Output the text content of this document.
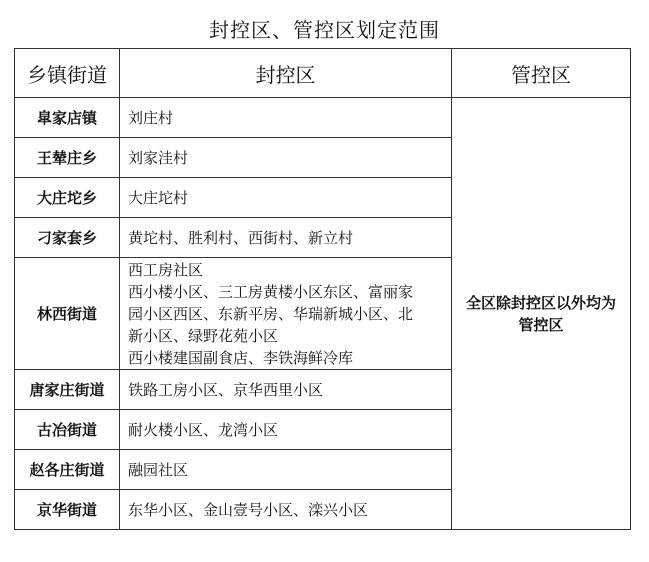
封控区、管控区划定范围
乡镇街道	封控区	管控区
皐家店镇	刘庄村	全区除封控区以外均为管控区
王辇庄乡	刘家洼村	

大庄坨乡	大庄坨村	

刁家套乡	黄坨村、胜利村、西街村、新立村	

林西街道	西工房社区
西小楼小区、三工房黄楼小区东区、富丽家
园小区西区、东新平房、华瑞新城小区、北
新小区、绿野花苑小区
西小楼建国副食店、李铁海鲜冷库	

唐家庄街道	铁路工房小区、京华西里小区	

古冶街道	耐火楼小区、龙湾小区	

赵各庄街道	融园社区	

京华街道	东华小区、金山壹号小区、滦兴小区	
